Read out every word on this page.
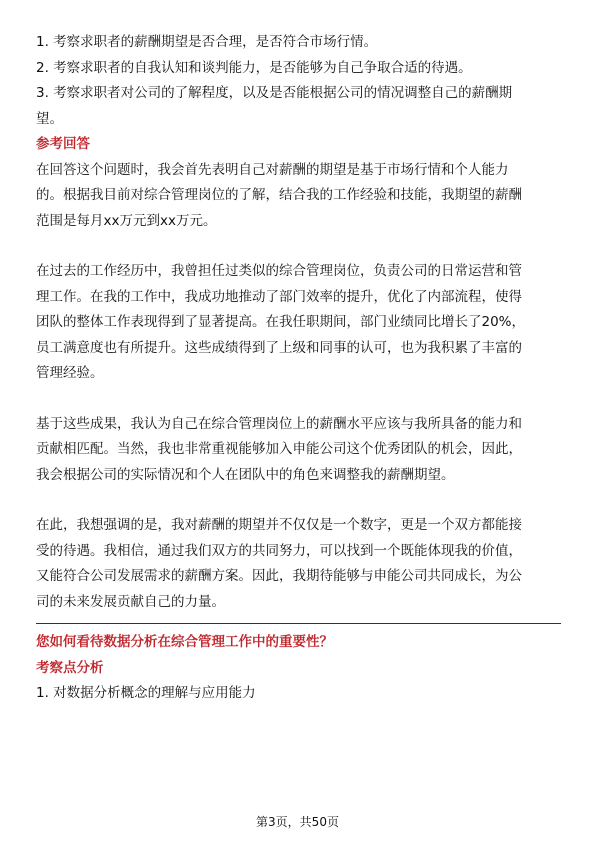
1. 考察求职者的薪酬期望是否合理，是否符合市场行情。

2. 考察求职者的自我认知和谈判能力，是否能够为自己争取合适的待遇。

3. 考察求职者对公司的了解程度，以及是否能根据公司的情况调整自己的薪酬期

望。

参考回答

在回答这个问题时，我会首先表明自己对薪酬的期望是基于市场行情和个人能力

的。根据我目前对综合管理岗位的了解，结合我的工作经验和技能，我期望的薪酬

范围是每月xx万元到xx万元。

在过去的工作经历中，我曾担任过类似的综合管理岗位，负责公司的日常运营和管

理工作。在我的工作中，我成功地推动了部门效率的提升，优化了内部流程，使得

团队的整体工作表现得到了显著提高。在我任职期间，部门业绩同比增长了20%，

员工满意度也有所提升。这些成绩得到了上级和同事的认可，也为我积累了丰富的

管理经验。

基于这些成果，我认为自己在综合管理岗位上的薪酬水平应该与我所具备的能力和

贡献相匹配。当然，我也非常重视能够加入申能公司这个优秀团队的机会，因此，

我会根据公司的实际情况和个人在团队中的角色来调整我的薪酬期望。

在此，我想强调的是，我对薪酬的期望并不仅仅是一个数字，更是一个双方都能接

受的待遇。我相信，通过我们双方的共同努力，可以找到一个既能体现我的价值，

又能符合公司发展需求的薪酬方案。因此，我期待能够与申能公司共同成长，为公

司的未来发展贡献自己的力量。

您如何看待数据分析在综合管理工作中的重要性？

考察点分析

1. 对数据分析概念的理解与应用能力

第3页，共50页
